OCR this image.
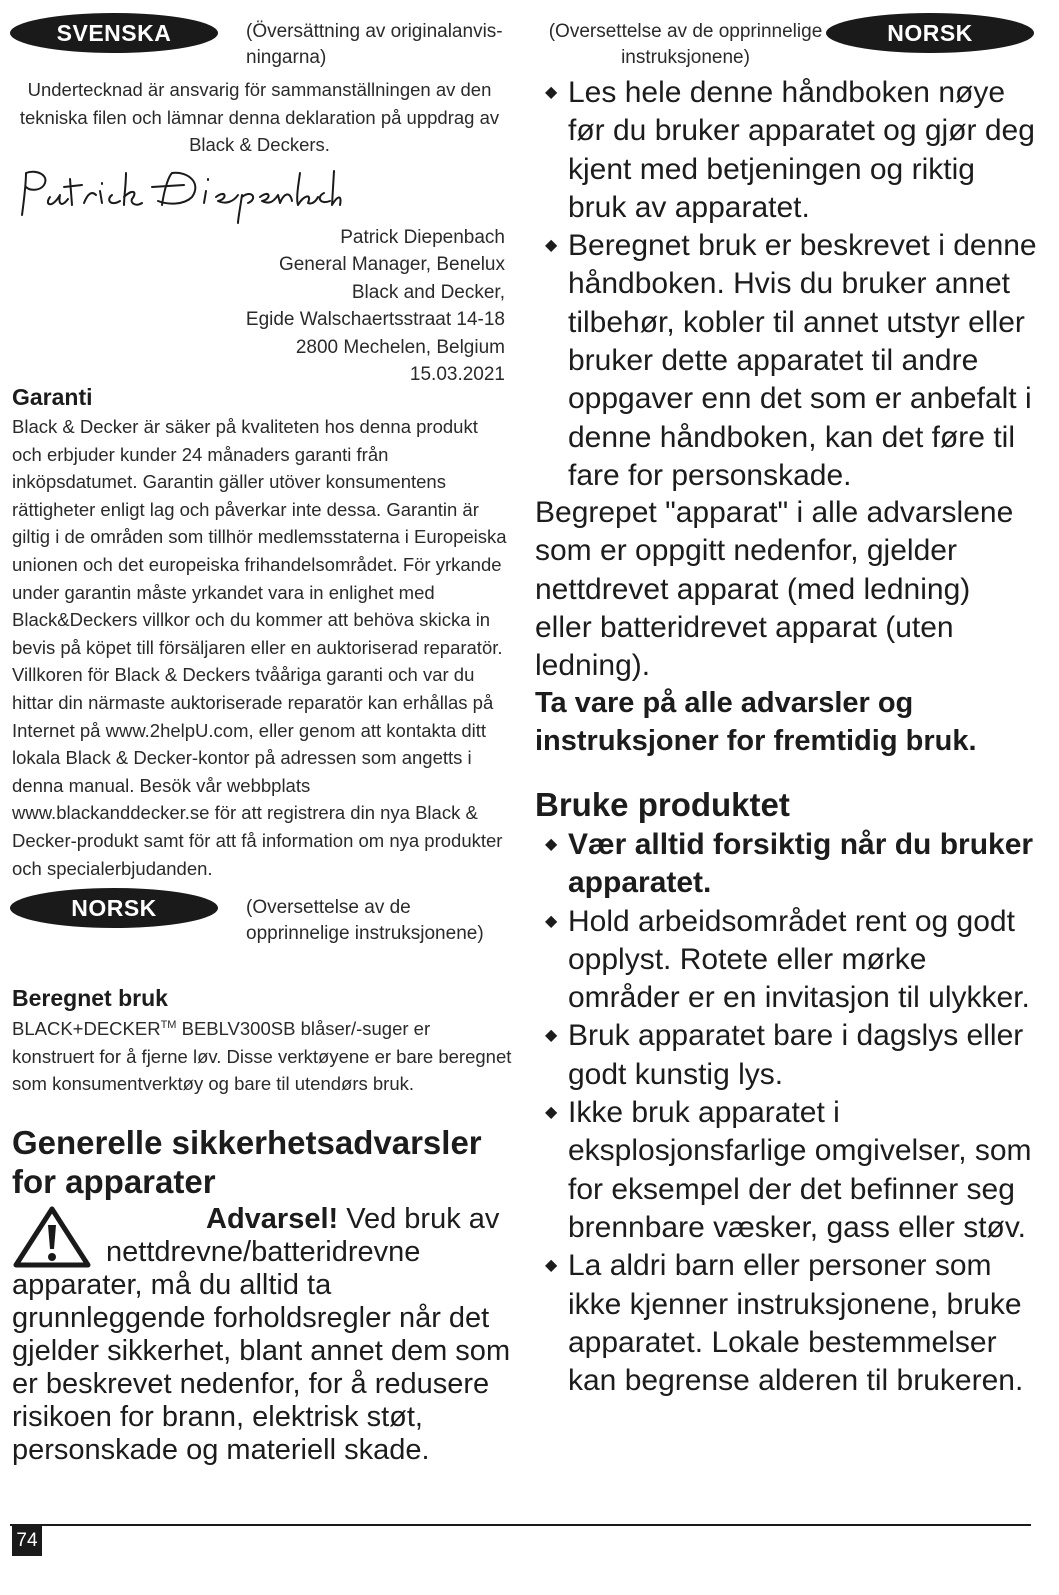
SVENSKA	(Översättning av originalanvis-ningarna)
Undertecknad är ansvarig för sammanställningen av den tekniska filen och lämnar denna deklaration på uppdrag av Black & Deckers.
Patrick Diepenbach
General Manager, Benelux
Black and Decker,
Egide Walschaertsstraat 14-18
2800 Mechelen, Belgium
15.03.2021
Garanti
Black & Decker är säker på kvaliteten hos denna produkt och erbjuder kunder 24 månaders garanti från inköpsdatumet. Garantin gäller utöver konsumentens rättigheter enligt lag och påverkar inte dessa. Garantin är giltig i de områden som tillhör medlemsstaterna i Europeiska unionen och det europeiska frihandelsområdet. För yrkande under garantin måste yrkandet vara in enlighet med Black&Deckers villkor och du kommer att behöva skicka in bevis på köpet till försäljaren eller en auktoriserad reparatör. Villkoren för Black & Deckers tvååriga garanti och var du hittar din närmaste auktoriserade reparatör kan erhållas på Internet på www.2helpU.com, eller genom att kontakta ditt lokala Black & Decker-kontor på adressen som angetts i denna manual. Besök vår webbplats www.blackanddecker.se för att registrera din nya Black & Decker-produkt samt för att få information om nya produkter och specialerbjudanden.
NORSK	(Oversettelse av de opprinnelige instruksjonene)
Beregnet bruk
BLACK+DECKER™ BEBLV300SB blåser/-suger er konstruert for å fjerne løv. Disse verktøyene er bare beregnet som konsumentverktøy og bare til utendørs bruk.
Generelle sikkerhetsadvarsler for apparater
Advarsel! Ved bruk av nettdrevne/batteridrevne apparater, må du alltid ta grunnleggende forholdsregler når det gjelder sikkerhet, blant annet dem som er beskrevet nedenfor, for å redusere risikoen for brann, elektrisk støt, personskade og materiell skade.
(Oversettelse av de opprinnelige instruksjonene)
NORSK
◆ Les hele denne håndboken nøye før du bruker apparatet og gjør deg kjent med betjeningen og riktig bruk av apparatet.
◆ Beregnet bruk er beskrevet i denne håndboken. Hvis du bruker annet tilbehør, kobler til annet utstyr eller bruker dette apparatet til andre oppgaver enn det som er anbefalt i denne håndboken, kan det føre til fare for personskade.
Begrepet "apparat" i alle advarslene som er oppgitt nedenfor, gjelder nettdrevet apparat (med ledning) eller batteridrevet apparat (uten ledning).
Ta vare på alle advarsler og instruksjoner for fremtidig bruk.
Bruke produktet
◆ Vær alltid forsiktig når du bruker apparatet.
◆ Hold arbeidsområdet rent og godt opplyst. Rotete eller mørke områder er en invitasjon til ulykker.
◆ Bruk apparatet bare i dagslys eller godt kunstig lys.
◆ Ikke bruk apparatet i eksplosjonsfarlige omgivelser, som for eksempel der det befinner seg brennbare væsker, gass eller støv.
◆ La aldri barn eller personer som ikke kjenner instruksjonene, bruke apparatet. Lokale bestemmelser kan begrense alderen til brukeren.
74
